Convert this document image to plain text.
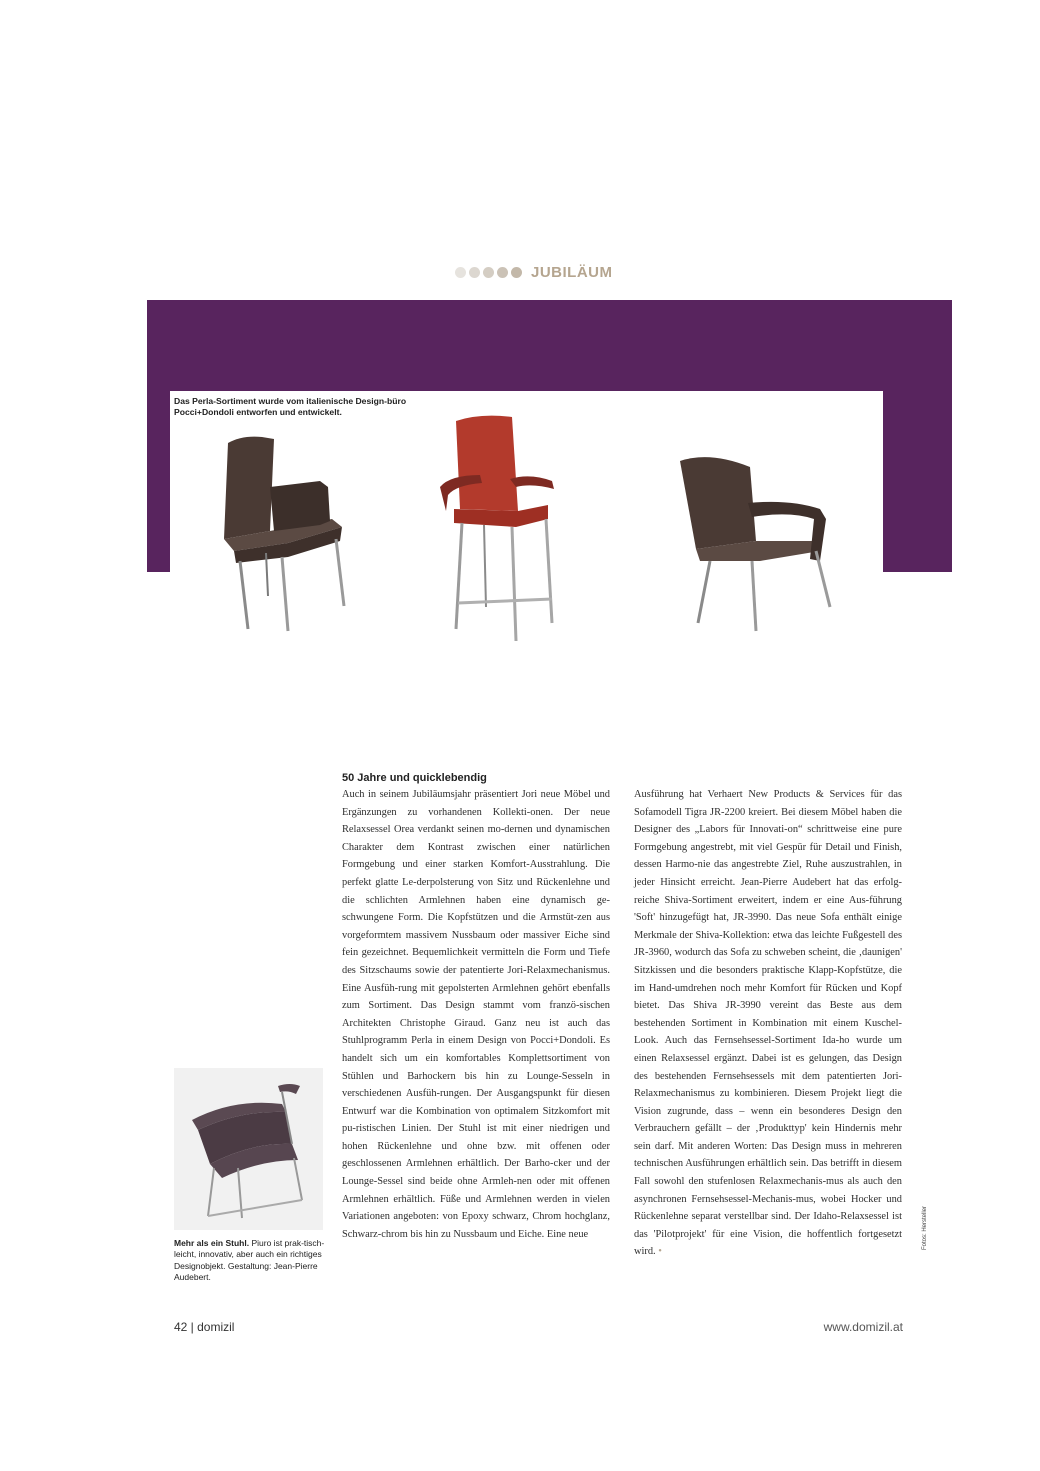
JUBILÄUM
Das Perla-Sortiment wurde vom italienische Design-büro Pocci+Dondoli entworfen und entwickelt.
50 Jahre und quicklebendig
Auch in seinem Jubiläumsjahr präsentiert Jori neue Möbel und Ergänzungen zu vorhandenen Kollekti-onen. Der neue Relaxsessel Orea verdankt seinen mo-dernen und dynamischen Charakter dem Kontrast zwischen einer natürlichen Formgebung und einer starken Komfort-Ausstrahlung. Die perfekt glatte Le-derpolsterung von Sitz und Rückenlehne und die schlichten Armlehnen haben eine dynamisch ge-schwungene Form. Die Kopfstützen und die Armstüt-zen aus vorgeformtem massivem Nussbaum oder massiver Eiche sind fein gezeichnet. Bequemlichkeit vermitteln die Form und Tiefe des Sitzschaums sowie der patentierte Jori-Relaxmechanismus. Eine Ausfüh-rung mit gepolsterten Armlehnen gehört ebenfalls zum Sortiment. Das Design stammt vom franzö-sischen Architekten Christophe Giraud. Ganz neu ist auch das Stuhlprogramm Perla in einem Design von Pocci+Dondoli. Es handelt sich um ein komfortables Komplettsortiment von Stühlen und Barhockern bis hin zu Lounge-Sesseln in verschiedenen Ausfüh-rungen. Der Ausgangspunkt für diesen Entwurf war die Kombination von optimalem Sitzkomfort mit pu-ristischen Linien. Der Stuhl ist mit einer niedrigen und hohen Rückenlehne und ohne bzw. mit offenen oder geschlossenen Armlehnen erhältlich. Der Barho-cker und der Lounge-Sessel sind beide ohne Armleh-nen oder mit offenen Armlehnen erhältlich. Füße und Armlehnen werden in vielen Variationen angeboten: von Epoxy schwarz, Chrom hochglanz, Schwarz-chrom bis hin zu Nussbaum und Eiche. Eine neue
Ausführung hat Verhaert New Products & Services für das Sofamodell Tigra JR-2200 kreiert. Bei diesem Möbel haben die Designer des „Labors für Innovati-on“ schrittweise eine pure Formgebung angestrebt, mit viel Gespür für Detail und Finish, dessen Harmo-nie das angestrebte Ziel, Ruhe auszustrahlen, in jeder Hinsicht erreicht. Jean-Pierre Audebert hat das erfolg-reiche Shiva-Sortiment erweitert, indem er eine Aus-führung 'Soft' hinzugefügt hat, JR-3990. Das neue Sofa enthält einige Merkmale der Shiva-Kollektion: etwa das leichte Fußgestell des JR-3960, wodurch das Sofa zu schweben scheint, die ‚daunigen' Sitzkissen und die besonders praktische Klapp-Kopfstütze, die im Hand-umdrehen noch mehr Komfort für Rücken und Kopf bietet. Das Shiva JR-3990 vereint das Beste aus dem bestehenden Sortiment in Kombination mit einem Kuschel-Look. Auch das Fernsehsessel-Sortiment Ida-ho wurde um einen Relaxsessel ergänzt. Dabei ist es gelungen, das Design des bestehenden Fernsehsessels mit dem patentierten Jori-Relaxmechanismus zu kombinieren. Diesem Projekt liegt die Vision zugrunde, dass – wenn ein besonderes Design den Verbrauchern gefällt – der ‚Produkttyp' kein Hindernis mehr sein darf. Mit anderen Worten: Das Design muss in mehreren technischen Ausführungen erhältlich sein. Das betrifft in diesem Fall sowohl den stufenlosen Relaxmechanis-mus als auch den asynchronen Fernsehsessel-Mechanis-mus, wobei Hocker und Rückenlehne separat verstellbar sind. Der Idaho-Relaxsessel ist das 'Pilotprojekt' für eine Vision, die hoffentlich fortgesetzt wird. •
Mehr als ein Stuhl. Piuro ist prak-tisch-leicht, innovativ, aber auch ein richtiges Designobjekt. Gestaltung: Jean-Pierre Audebert.
Fotos: Hersteller
42 | domizil	www.domizil.at
